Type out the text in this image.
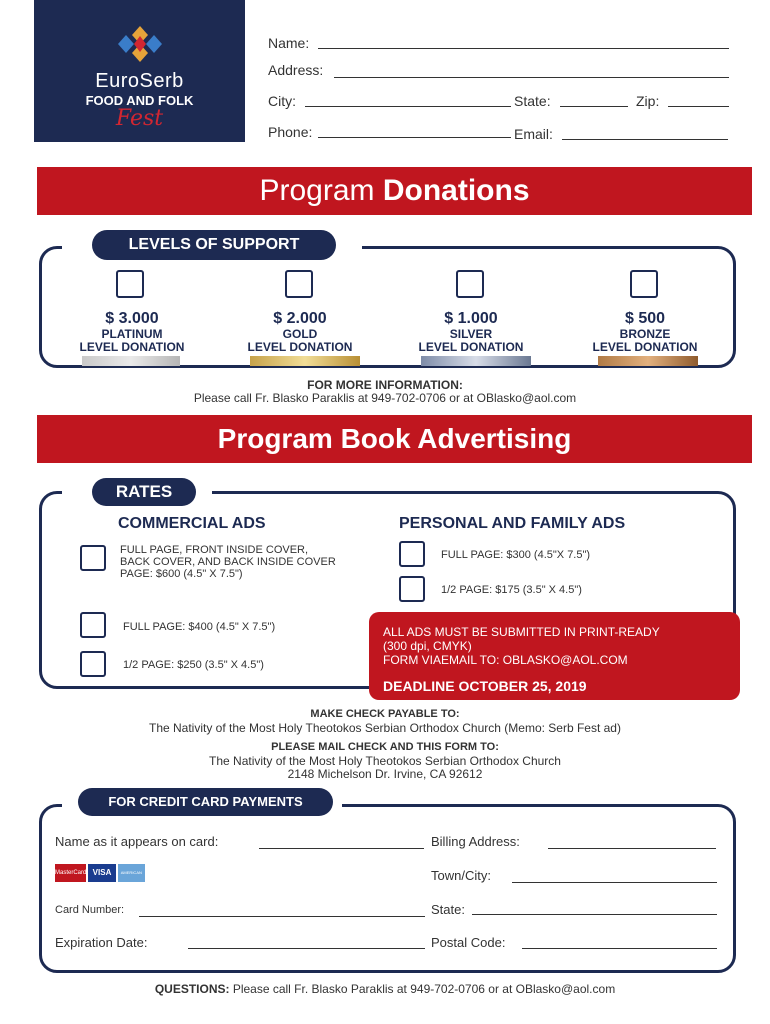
EuroSerb
FOOD AND FOLK
Fest
Name:
Address:
City:	State:	Zip:
Phone:	Email:
Program Donations
LEVELS OF SUPPORT
$ 3.000
PLATINUM
LEVEL DONATION
$ 2.000
GOLD
LEVEL DONATION
$ 1.000
SILVER
LEVEL DONATION
$ 500
BRONZE
LEVEL DONATION
FOR MORE INFORMATION:
Please call Fr. Blasko Paraklis at 949-702-0706 or at OBlasko@aol.com
Program Book Advertising
RATES
COMMERCIAL ADS	PERSONAL AND FAMILY ADS
FULL PAGE, FRONT INSIDE COVER, BACK COVER, AND BACK INSIDE COVER PAGE: $600 (4.5" X 7.5")
FULL PAGE: $400 (4.5" X 7.5")
1/2 PAGE: $250 (3.5" X 4.5")
FULL PAGE: $300 (4.5"X 7.5")
1/2 PAGE: $175 (3.5" X 4.5")
ALL ADS MUST BE SUBMITTED IN PRINT-READY
(300 dpi, CMYK)
FORM VIAEMAIL TO: OBLASKO@AOL.COM
DEADLINE OCTOBER 25, 2019
MAKE CHECK PAYABLE TO:
The Nativity of the Most Holy Theotokos Serbian Orthodox Church (Memo: Serb Fest ad)
PLEASE MAIL CHECK AND THIS FORM TO:
The Nativity of the Most Holy Theotokos Serbian Orthodox Church
2148 Michelson Dr. Irvine, CA 92612
FOR CREDIT CARD PAYMENTS
Name as it appears on card:	Billing Address:
MasterCard VISA	AMERICAN EXPRESS
Town/City:
Card Number:	State:
Expiration Date:	Postal Code:
QUESTIONS: Please call Fr. Blasko Paraklis at 949-702-0706 or at OBlasko@aol.com
